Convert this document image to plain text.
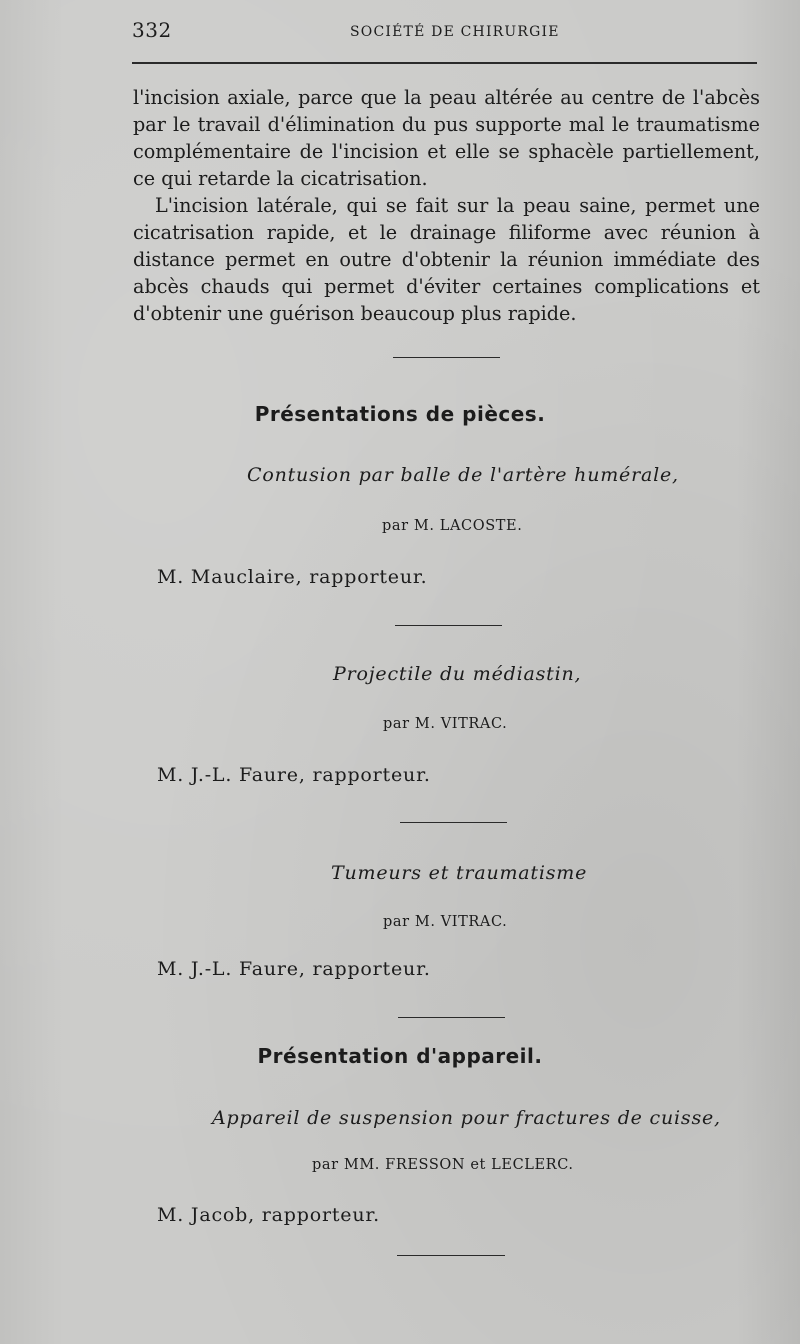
332	SOCIÉTÉ DE CHIRURGIE

l'incision axiale, parce que la peau altérée au centre de l'abcès par le travail d'élimination du pus supporte mal le traumatisme complémentaire de l'incision et elle se sphacèle partiellement, ce qui retarde la cicatrisation.

L'incision latérale, qui se fait sur la peau saine, permet une cicatrisation rapide, et le drainage filiforme avec réunion à distance permet en outre d'obtenir la réunion immédiate des abcès chauds qui permet d'éviter certaines complications et d'obtenir une guérison beaucoup plus rapide.

Présentations de pièces.
Contusion par balle de l'artère humérale,
par M. LACOSTE.
M. Mauclaire, rapporteur.
Projectile du médiastin,
par M. VITRAC.
M. J.-L. Faure, rapporteur.
Tumeurs et traumatisme
par M. VITRAC.
M. J.-L. Faure, rapporteur.
Présentation d'appareil.
Appareil de suspension pour fractures de cuisse,
par MM. FRESSON et LECLERC.
M. Jacob, rapporteur.
